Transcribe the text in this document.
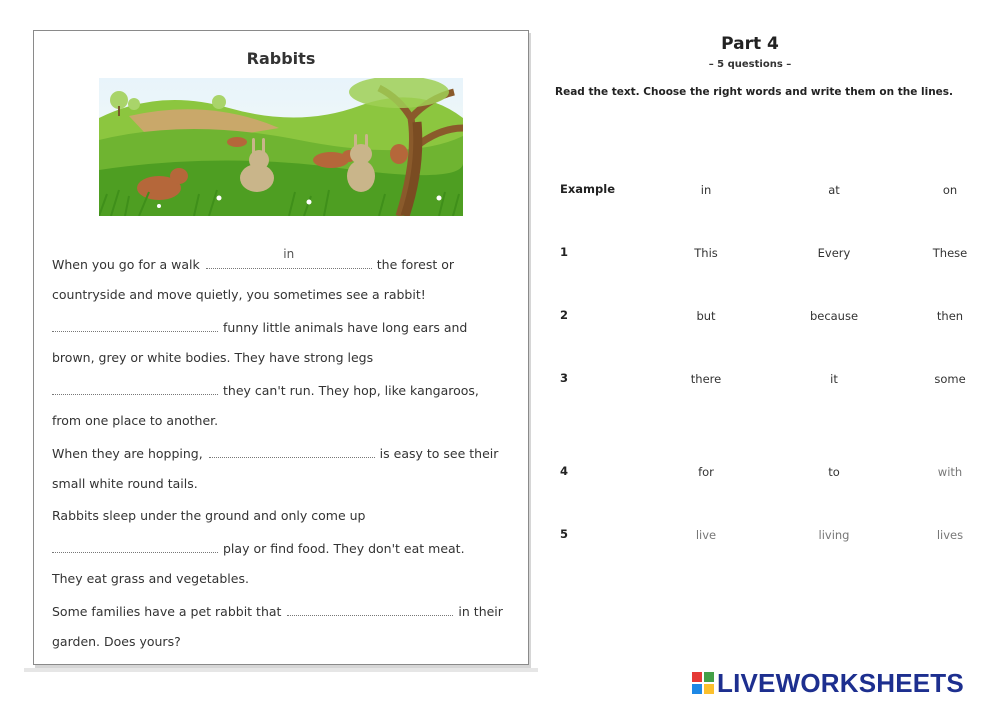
Rabbits
When you go for a walk
in
the forest or
countryside and move quietly, you sometimes see a rabbit!
funny little animals have long ears and
brown, grey or white bodies. They have strong legs
they can't run. They hop, like kangaroos,
from one place to another.
When they are hopping,	is easy to see their
small white round tails.
Rabbits sleep under the ground and only come up
play or find food. They don't eat meat.
They eat grass and vegetables.
Some families have a pet rabbit that	in their
garden. Does yours?
Part 4
– 5 questions –
Read the text. Choose the right words and write them on the lines.
Example	in	at	on
1	This	Every	These
2	but	because	then
3	there	it	some
4	for	to	with
5	live	living	lives
LIVEWORKSHEETS
